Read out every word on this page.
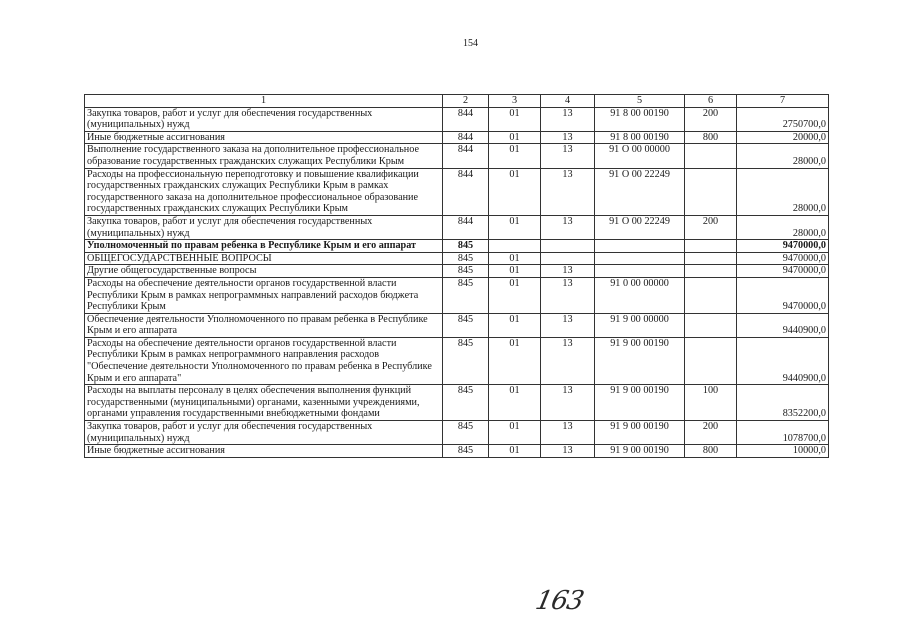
154
1	2	3	4	5	6	7
Закупка товаров, работ и услуг для обеспечения государственных (муниципальных) нужд	844	01	13	91 8 00 00190	200	2750700,0
Иные бюджетные ассигнования	844	01	13	91 8 00 00190	800	20000,0
Выполнение государственного заказа на дополнительное профессиональное образование государственных гражданских служащих Республики Крым	844	01	13	91 О 00 00000		28000,0
Расходы на профессиональную переподготовку и повышение квалификации государственных гражданских служащих Республики Крым в рамках государственного заказа на дополнительное профессиональное образование государственных гражданских служащих Республики Крым	844	01	13	91 О 00 22249		28000,0
Закупка товаров, работ и услуг для обеспечения государственных (муниципальных) нужд	844	01	13	91 О 00 22249	200	28000,0
Уполномоченный по правам ребенка в Республике Крым и его аппарат	845					9470000,0
ОБЩЕГОСУДАРСТВЕННЫЕ ВОПРОСЫ	845	01				9470000,0
Другие общегосударственные вопросы	845	01	13			9470000,0
Расходы на обеспечение деятельности органов государственной власти Республики Крым в рамках непрограммных направлений расходов бюджета Республики Крым	845	01	13	91 0 00 00000		9470000,0
Обеспечение деятельности Уполномоченного по правам ребенка в Республике Крым и его аппарата	845	01	13	91 9 00 00000		9440900,0
Расходы на обеспечение деятельности органов государственной власти Республики Крым в рамках непрограммного направления расходов "Обеспечение деятельности Уполномоченного по правам ребенка в Республике Крым и его аппарата"	845	01	13	91 9 00 00190		9440900,0
Расходы на выплаты персоналу в целях обеспечения выполнения функций государственными (муниципальными) органами, казенными учреждениями, органами управления государственными внебюджетными фондами	845	01	13	91 9 00 00190	100	8352200,0
Закупка товаров, работ и услуг для обеспечения государственных (муниципальных) нужд	845	01	13	91 9 00 00190	200	1078700,0
Иные бюджетные ассигнования	845	01	13	91 9 00 00190	800	10000,0
163
